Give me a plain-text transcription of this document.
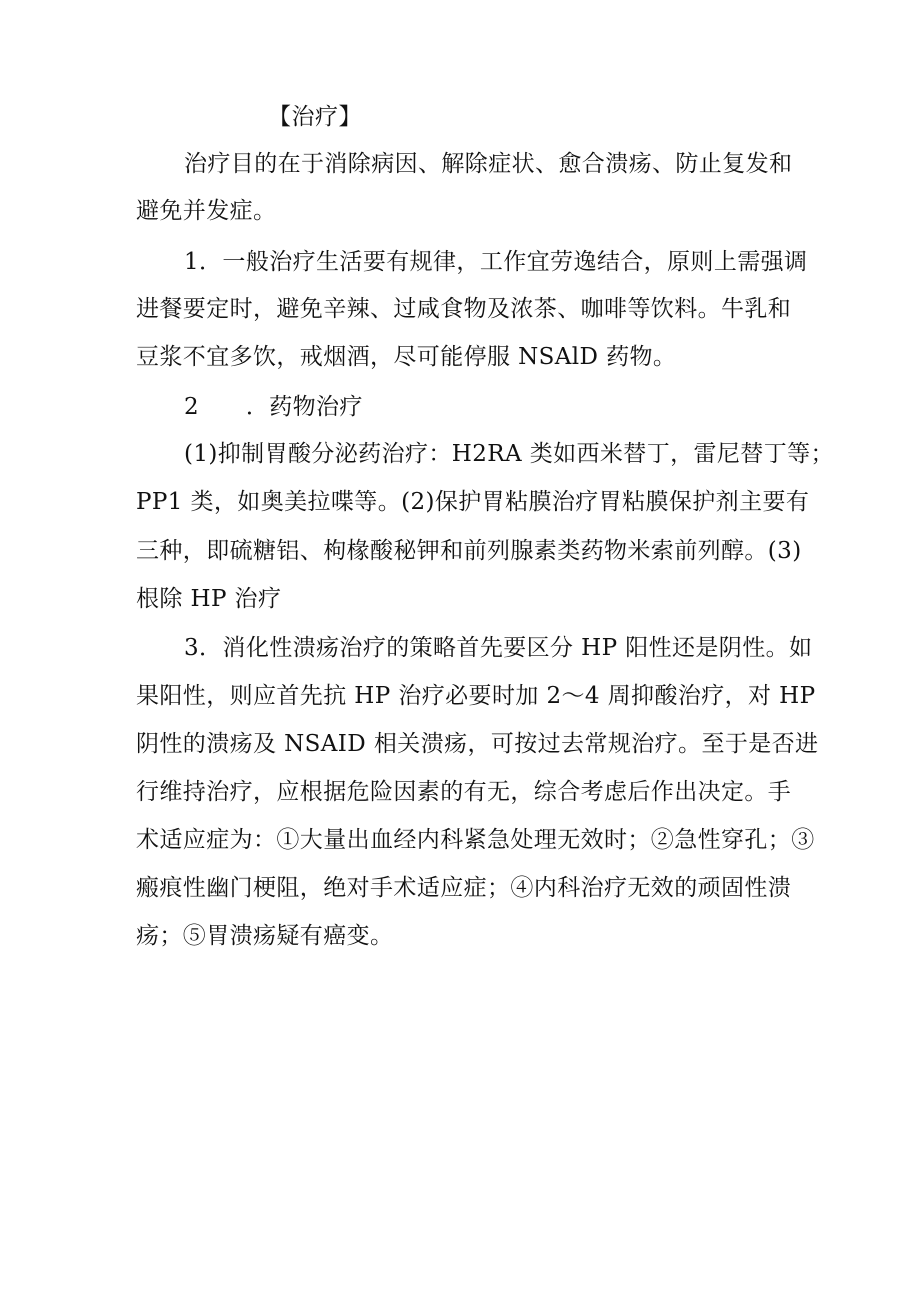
【治疗】
治疗目的在于消除病因、解除症状、愈合溃疡、防止复发和
避免并发症。
1．一般治疗生活要有规律，工作宜劳逸结合，原则上需强调
进餐要定时，避免辛辣、过咸食物及浓茶、咖啡等饮料。牛乳和
豆浆不宜多饮，戒烟酒，尽可能停服 NSAlD 药物。
2　　．药物治疗
(1)抑制胃酸分泌药治疗：H2RA 类如西米替丁，雷尼替丁等；
PP1 类，如奥美拉喋等。(2)保护胃粘膜治疗胃粘膜保护剂主要有
三种，即硫糖铝、枸椽酸秘钾和前列腺素类药物米索前列醇。(3)
根除 HP 治疗
3．消化性溃疡治疗的策略首先要区分 HP 阳性还是阴性。如
果阳性，则应首先抗 HP 治疗必要时加 2～4 周抑酸治疗，对 HP
阴性的溃疡及 NSAID 相关溃疡，可按过去常规治疗。至于是否进
行维持治疗，应根据危险因素的有无，综合考虑后作出决定。手
术适应症为：①大量出血经内科紧急处理无效时；②急性穿孔；③
瘢痕性幽门梗阻，绝对手术适应症；④内科治疗无效的顽固性溃
疡；⑤胃溃疡疑有癌变。
